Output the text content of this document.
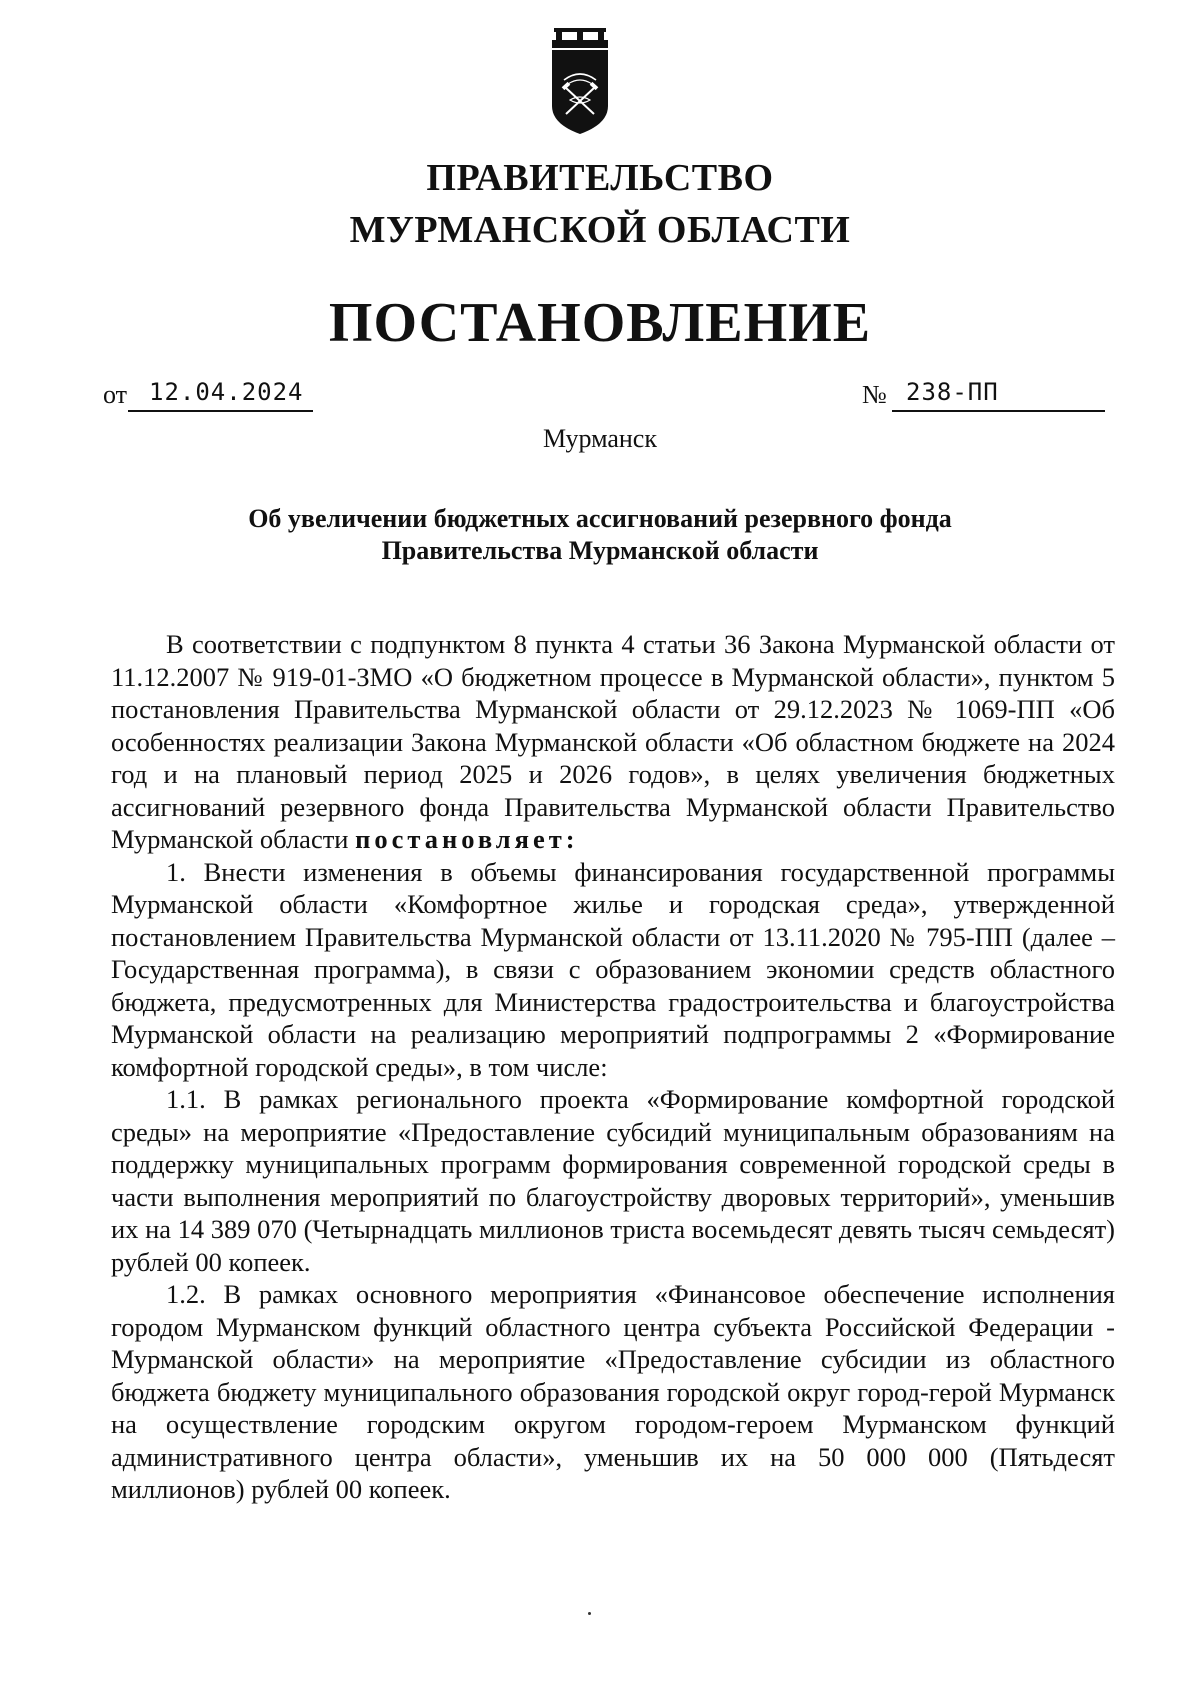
ПРАВИТЕЛЬСТВО
МУРМАНСКОЙ ОБЛАСТИ
ПОСТАНОВЛЕНИЕ
от 12.04.2024	№ 238-ПП
Мурманск
Об увеличении бюджетных ассигнований резервного фонда
Правительства Мурманской области

В соответствии с подпунктом 8 пункта 4 статьи 36 Закона Мурманской области от 11.12.2007 № 919-01-ЗМО «О бюджетном процессе в Мурманской области», пунктом 5 постановления Правительства Мурманской области от 29.12.2023 № 1069-ПП «Об особенностях реализации Закона Мурманской области «Об областном бюджете на 2024 год и на плановый период 2025 и 2026 годов», в целях увеличения бюджетных ассигнований резервного фонда Правительства Мурманской области Правительство Мурманской области постановляет:

1. Внести изменения в объемы финансирования государственной программы Мурманской области «Комфортное жилье и городская среда», утвержденной постановлением Правительства Мурманской области от 13.11.2020 № 795-ПП (далее – Государственная программа), в связи с образованием экономии средств областного бюджета, предусмотренных для Министерства градостроительства и благоустройства Мурманской области на реализацию мероприятий подпрограммы 2 «Формирование комфортной городской среды», в том числе:

1.1. В рамках регионального проекта «Формирование комфортной городской среды» на мероприятие «Предоставление субсидий муниципальным образованиям на поддержку муниципальных программ формирования современной городской среды в части выполнения мероприятий по благоустройству дворовых территорий», уменьшив их на 14 389 070 (Четырнадцать миллионов триста восемьдесят девять тысяч семьдесят) рублей 00 копеек.

1.2. В рамках основного мероприятия «Финансовое обеспечение исполнения городом Мурманском функций областного центра субъекта Российской Федерации - Мурманской области» на мероприятие «Предоставление субсидии из областного бюджета бюджету муниципального образования городской округ город-герой Мурманск на осуществление городским округом городом-героем Мурманском функций административного центра области», уменьшив их на 50 000 000 (Пятьдесят миллионов) рублей 00 копеек.
